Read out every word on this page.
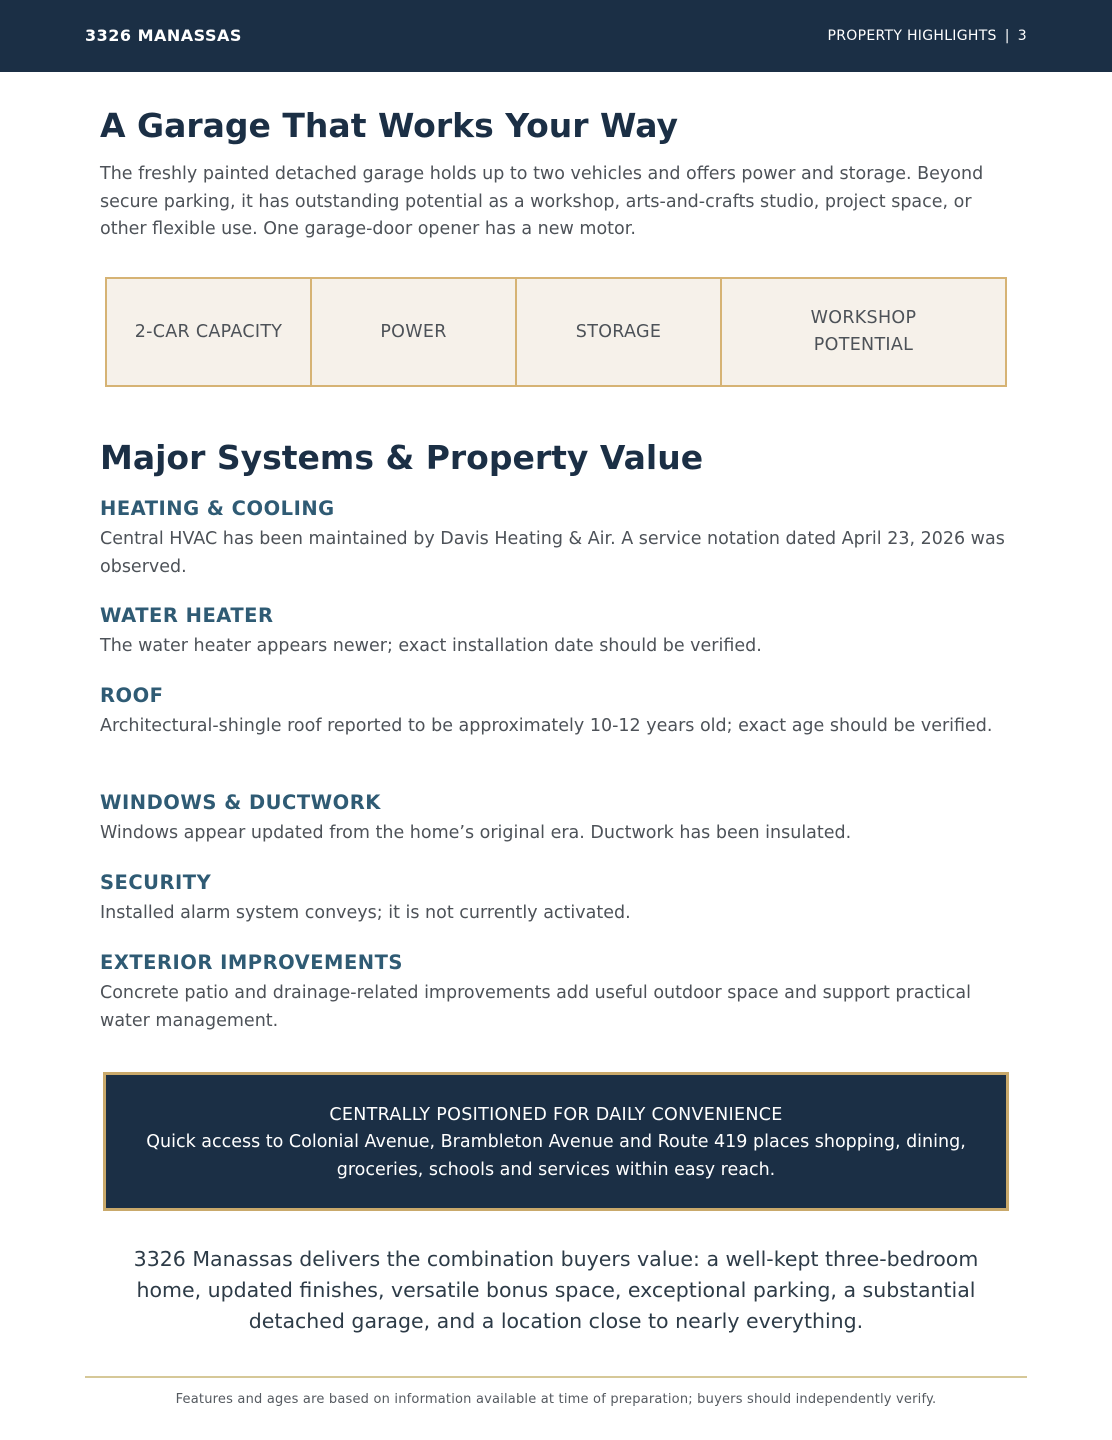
3326 MANASSAS	PROPERTY HIGHLIGHTS | 3
A Garage That Works Your Way

The freshly painted detached garage holds up to two vehicles and offers power and storage. Beyond secure parking, it has outstanding potential as a workshop, arts-and-crafts studio, project space, or other flexible use. One garage-door opener has a new motor.

2-CAR CAPACITY	POWER	STORAGE
WORKSHOP POTENTIAL
Major Systems & Property Value
HEATING & COOLING

Central HVAC has been maintained by Davis Heating & Air. A service notation dated April 23, 2026 was observed.

WATER HEATER

The water heater appears newer; exact installation date should be verified.

ROOF

Architectural-shingle roof reported to be approximately 10-12 years old; exact age should be verified.

WINDOWS & DUCTWORK

Windows appear updated from the home’s original era. Ductwork has been insulated.

SECURITY

Installed alarm system conveys; it is not currently activated.

EXTERIOR IMPROVEMENTS

Concrete patio and drainage-related improvements add useful outdoor space and support practical water management.

CENTRALLY POSITIONED FOR DAILY CONVENIENCE
Quick access to Colonial Avenue, Brambleton Avenue and Route 419 places shopping, dining, groceries, schools and services within easy reach.

3326 Manassas delivers the combination buyers value: a well-kept three-bedroom home, updated finishes, versatile bonus space, exceptional parking, a substantial detached garage, and a location close to nearly everything.

Features and ages are based on information available at time of preparation; buyers should independently verify.
